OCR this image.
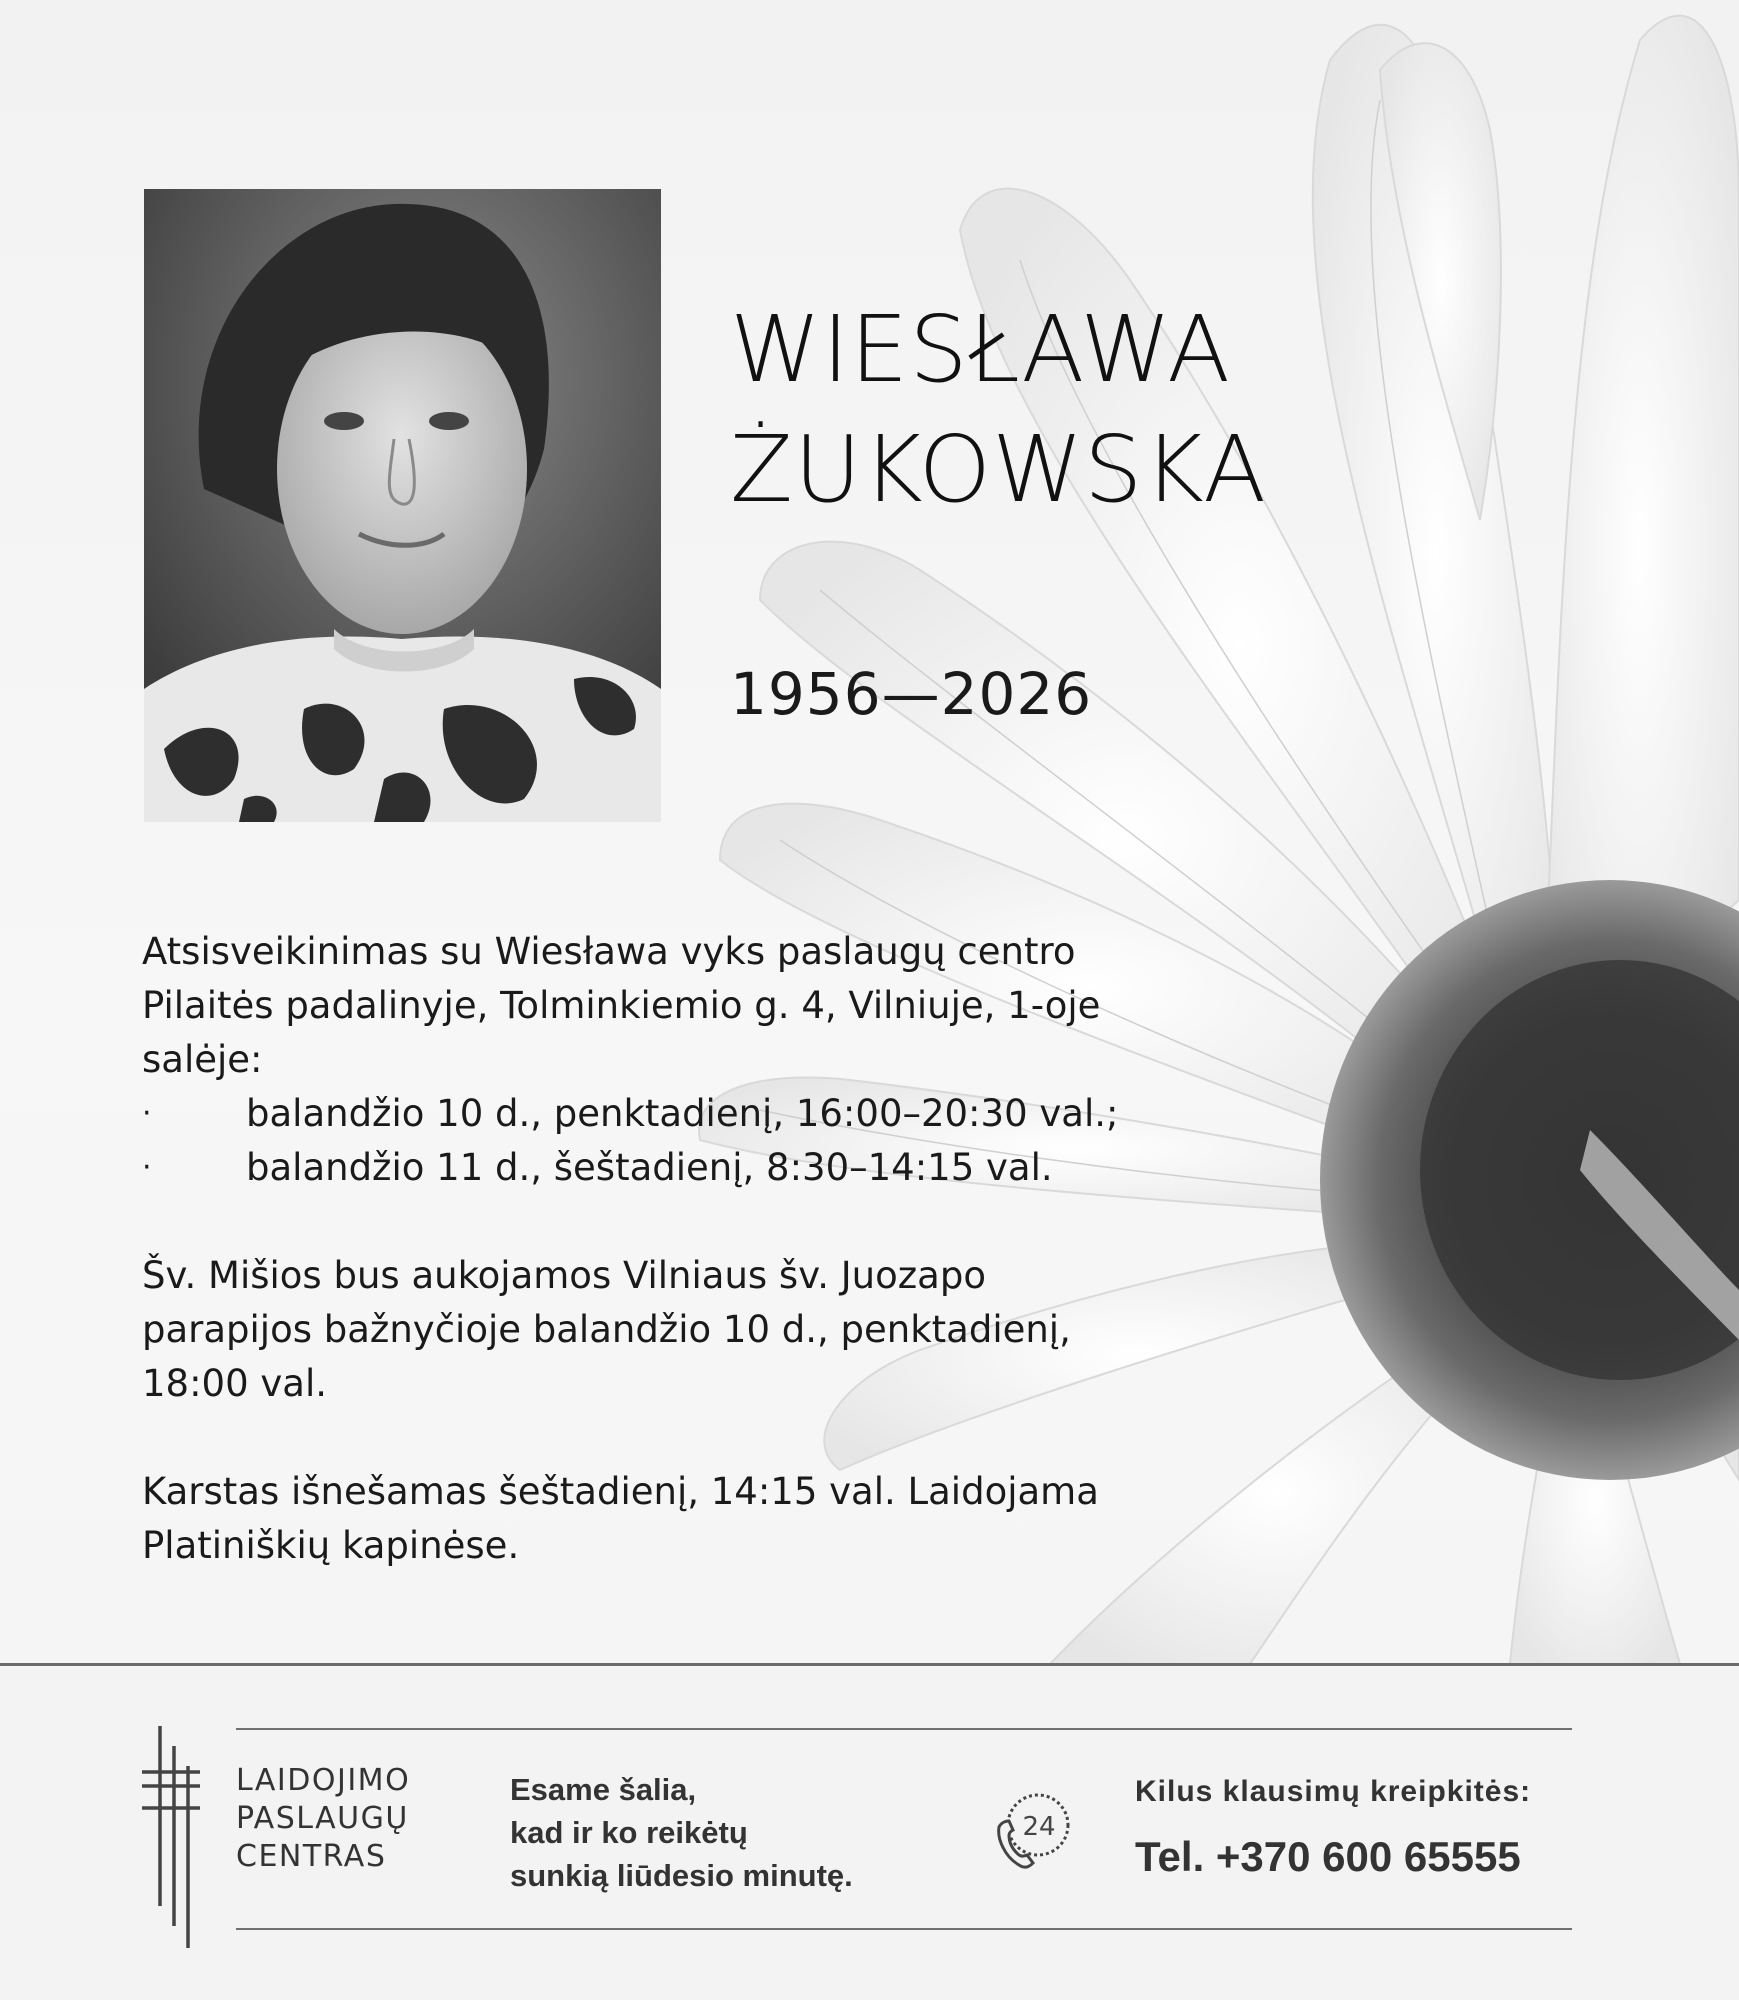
WIESŁAWA
ŻUKOWSKA

1956—2026

Atsisveikinimas su Wiesława vyks paslaugų centro Pilaitės padalinyje, Tolminkiemio g. 4, Vilniuje, 1-oje salėje:

· balandžio 10 d., penktadienį, 16:00–20:30 val.;
· balandžio 11 d., šeštadienį, 8:30–14:15 val.

Šv. Mišios bus aukojamos Vilniaus šv. Juozapo parapijos bažnyčioje balandžio 10 d., penktadienį, 18:00 val.

Karstas išnešamas šeštadienį, 14:15 val. Laidojama Platiniškių kapinėse.

LAIDOJIMO
PASLAUGŲ
CENTRAS
Esame šalia,
kad ir ko reikėtų
sunkią liūdesio minutę.
24
Kilus klausimų kreipkitės:
Tel. +370 600 65555
